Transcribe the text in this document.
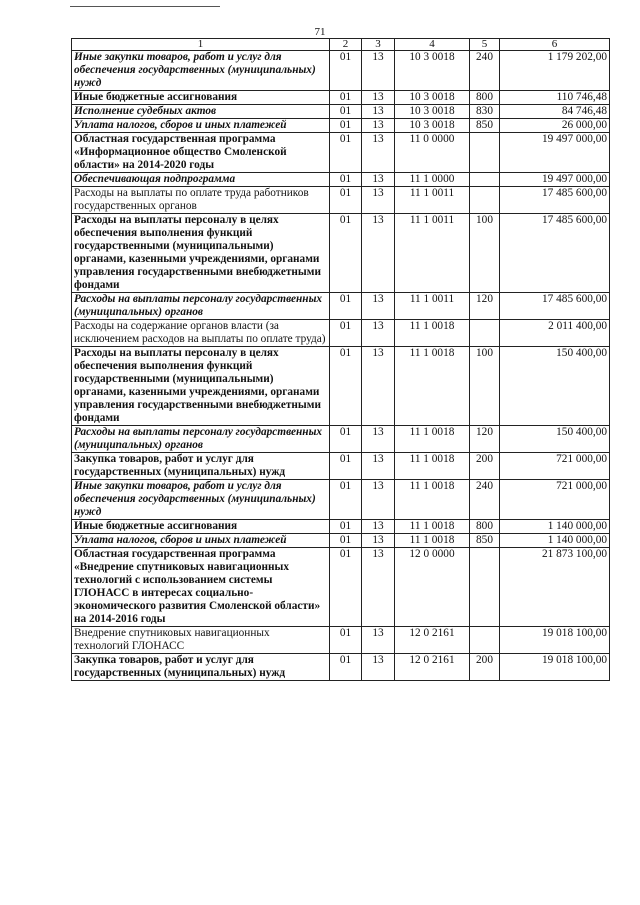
71
1	2	3	4	5	6
Иные закупки товаров, работ и услуг для обеспечения государственных (муниципальных) нужд	01	13	10 3 0018	240	1 179 202,00
Иные бюджетные ассигнования	01	13	10 3 0018	800	110 746,48
Исполнение судебных актов	01	13	10 3 0018	830	84 746,48
Уплата налогов, сборов и иных платежей	01	13	10 3 0018	850	26 000,00
Областная государственная программа «Информационное общество Смоленской области» на 2014-2020 годы	01	13	11 0 0000		19 497 000,00
Обеспечивающая подпрограмма	01	13	11 1 0000		19 497 000,00
Расходы на выплаты по оплате труда работников государственных органов	01	13	11 1 0011		17 485 600,00
Расходы на выплаты персоналу в целях обеспечения выполнения функций государственными (муниципальными) органами, казенными учреждениями, органами управления государственными внебюджетными фондами	01	13	11 1 0011	100	17 485 600,00
Расходы на выплаты персоналу государственных (муниципальных) органов	01	13	11 1 0011	120	17 485 600,00
Расходы на содержание органов власти (за исключением расходов на выплаты по оплате труда)	01	13	11 1 0018		2 011 400,00
Расходы на выплаты персоналу в целях обеспечения выполнения функций государственными (муниципальными) органами, казенными учреждениями, органами управления государственными внебюджетными фондами	01	13	11 1 0018	100	150 400,00
Расходы на выплаты персоналу государственных (муниципальных) органов	01	13	11 1 0018	120	150 400,00
Закупка товаров, работ и услуг для государственных (муниципальных) нужд	01	13	11 1 0018	200	721 000,00
Иные закупки товаров, работ и услуг для обеспечения государственных (муниципальных) нужд	01	13	11 1 0018	240	721 000,00
Иные бюджетные ассигнования	01	13	11 1 0018	800	1 140 000,00
Уплата налогов, сборов и иных платежей	01	13	11 1 0018	850	1 140 000,00
Областная государственная программа «Внедрение спутниковых навигационных технологий с использованием системы ГЛОНАСС в интересах социально-экономического развития Смоленской области» на 2014-2016 годы	01	13	12 0 0000		21 873 100,00
Внедрение спутниковых навигационных технологий ГЛОНАСС	01	13	12 0 2161		19 018 100,00
Закупка товаров, работ и услуг для государственных (муниципальных) нужд	01	13	12 0 2161	200	19 018 100,00
